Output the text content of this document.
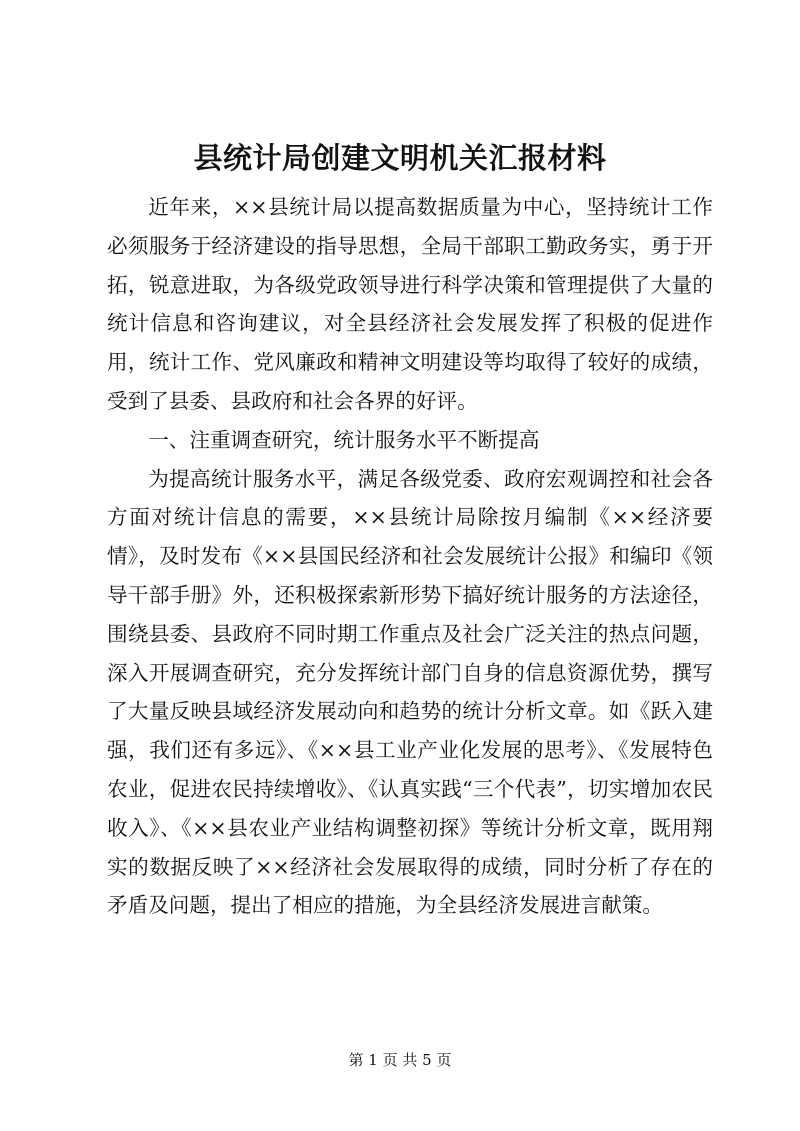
县统计局创建文明机关汇报材料

近年来，××县统计局以提高数据质量为中心，坚持统计工作必须服务于经济建设的指导思想，全局干部职工勤政务实，勇于开拓，锐意进取，为各级党政领导进行科学决策和管理提供了大量的统计信息和咨询建议，对全县经济社会发展发挥了积极的促进作用，统计工作、党风廉政和精神文明建设等均取得了较好的成绩，受到了县委、县政府和社会各界的好评。

一、注重调查研究，统计服务水平不断提高

为提高统计服务水平，满足各级党委、政府宏观调控和社会各方面对统计信息的需要，××县统计局除按月编制《××经济要情》，及时发布《××县国民经济和社会发展统计公报》和编印《领导干部手册》外，还积极探索新形势下搞好统计服务的方法途径，围绕县委、县政府不同时期工作重点及社会广泛关注的热点问题，深入开展调查研究，充分发挥统计部门自身的信息资源优势，撰写了大量反映县域经济发展动向和趋势的统计分析文章。如《跃入建强，我们还有多远》、《××县工业产业化发展的思考》、《发展特色农业，促进农民持续增收》、《认真实践“三个代表”，切实增加农民收入》、《××县农业产业结构调整初探》等统计分析文章，既用翔实的数据反映了××经济社会发展取得的成绩，同时分析了存在的矛盾及问题，提出了相应的措施，为全县经济发展进言献策。

第 1 页 共 5 页
